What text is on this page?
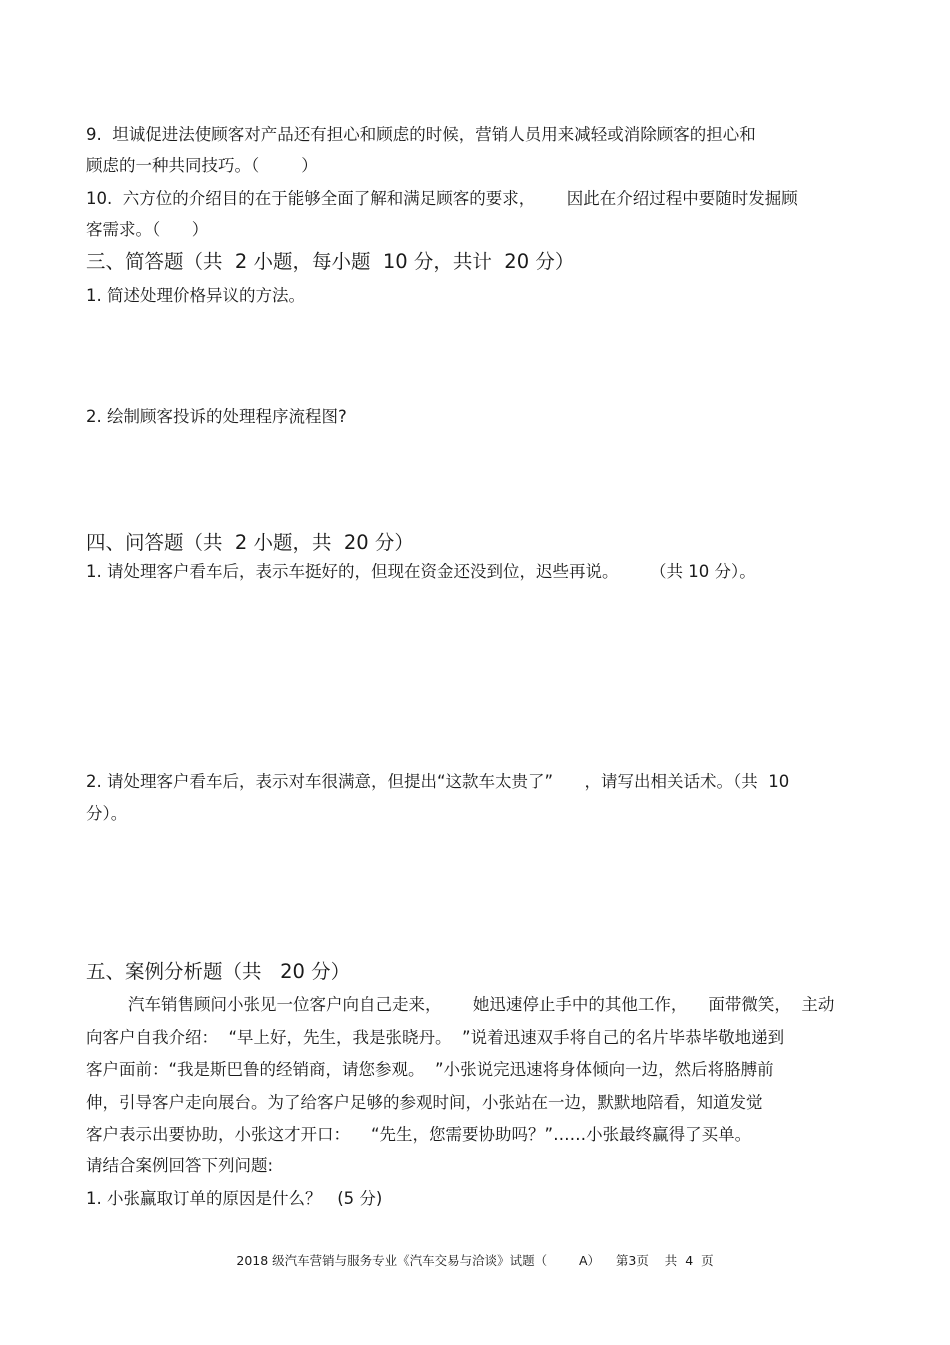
9.  坦诚促进法使顾客对产品还有担心和顾虑的时候，营销人员用来减轻或消除顾客的担心和
顾虑的一种共同技巧。（        ）
10.  六方位的介绍目的在于能够全面了解和满足顾客的要求，      因此在介绍过程中要随时发掘顾
客需求。（      ）
三、简答题（共  2 小题，每小题  10 分，共计  20 分）
1. 简述处理价格异议的方法。
2. 绘制顾客投诉的处理程序流程图?
四、问答题（共  2 小题，共  20 分）
1. 请处理客户看车后，表示车挺好的，但现在资金还没到位，迟些再说。      （共 10 分）。
2. 请处理客户看车后，表示对车很满意，但提出“这款车太贵了”      ，请写出相关话术。（共  10
分）。
五、案例分析题（共   20 分）
汽车销售顾问小张见一位客户向自己走来，      她迅速停止手中的其他工作，    面带微笑，  主动
向客户自我介绍：  “早上好，先生，我是张晓丹。  ”说着迅速双手将自己的名片毕恭毕敬地递到
客户面前：“我是斯巴鲁的经销商，请您参观。  ”小张说完迅速将身体倾向一边，然后将胳膊前
伸，引导客户走向展台。为了给客户足够的参观时间，小张站在一边，默默地陪看，知道发觉
客户表示出要协助，小张这才开口：    “先生，您需要协助吗？”……小张最终赢得了买单。
请结合案例回答下列问题:
1. 小张赢取订单的原因是什么？   (5 分)
2018 级汽车营销与服务专业《汽车交易与洽谈》试题（        A）    第3页    共  4  页
